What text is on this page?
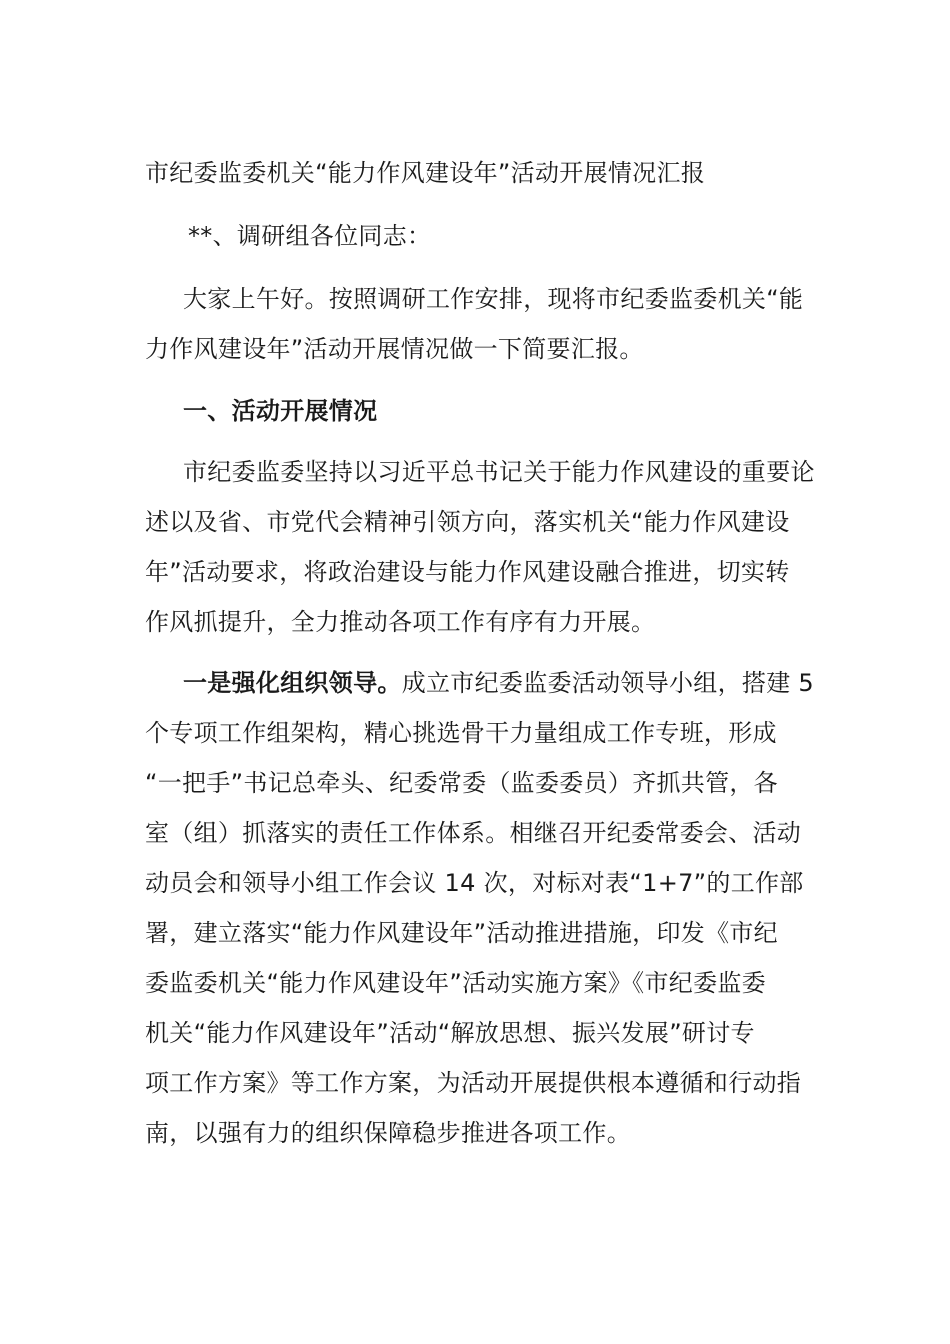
市纪委监委机关“能力作风建设年”活动开展情况汇报
**、调研组各位同志：
大家上午好。按照调研工作安排，现将市纪委监委机关“能
力作风建设年”活动开展情况做一下简要汇报。
一、活动开展情况
市纪委监委坚持以习近平总书记关于能力作风建设的重要论
述以及省、市党代会精神引领方向，落实机关“能力作风建设
年”活动要求，将政治建设与能力作风建设融合推进，切实转
作风抓提升，全力推动各项工作有序有力开展。
一是强化组织领导。成立市纪委监委活动领导小组，搭建 5
个专项工作组架构，精心挑选骨干力量组成工作专班，形成
“一把手”书记总牵头、纪委常委（监委委员）齐抓共管，各
室（组）抓落实的责任工作体系。相继召开纪委常委会、活动
动员会和领导小组工作会议 14 次，对标对表“1+7”的工作部
署，建立落实“能力作风建设年”活动推进措施，印发《市纪
委监委机关“能力作风建设年”活动实施方案》《市纪委监委
机关“能力作风建设年”活动“解放思想、振兴发展”研讨专
项工作方案》等工作方案，为活动开展提供根本遵循和行动指
南，以强有力的组织保障稳步推进各项工作。
